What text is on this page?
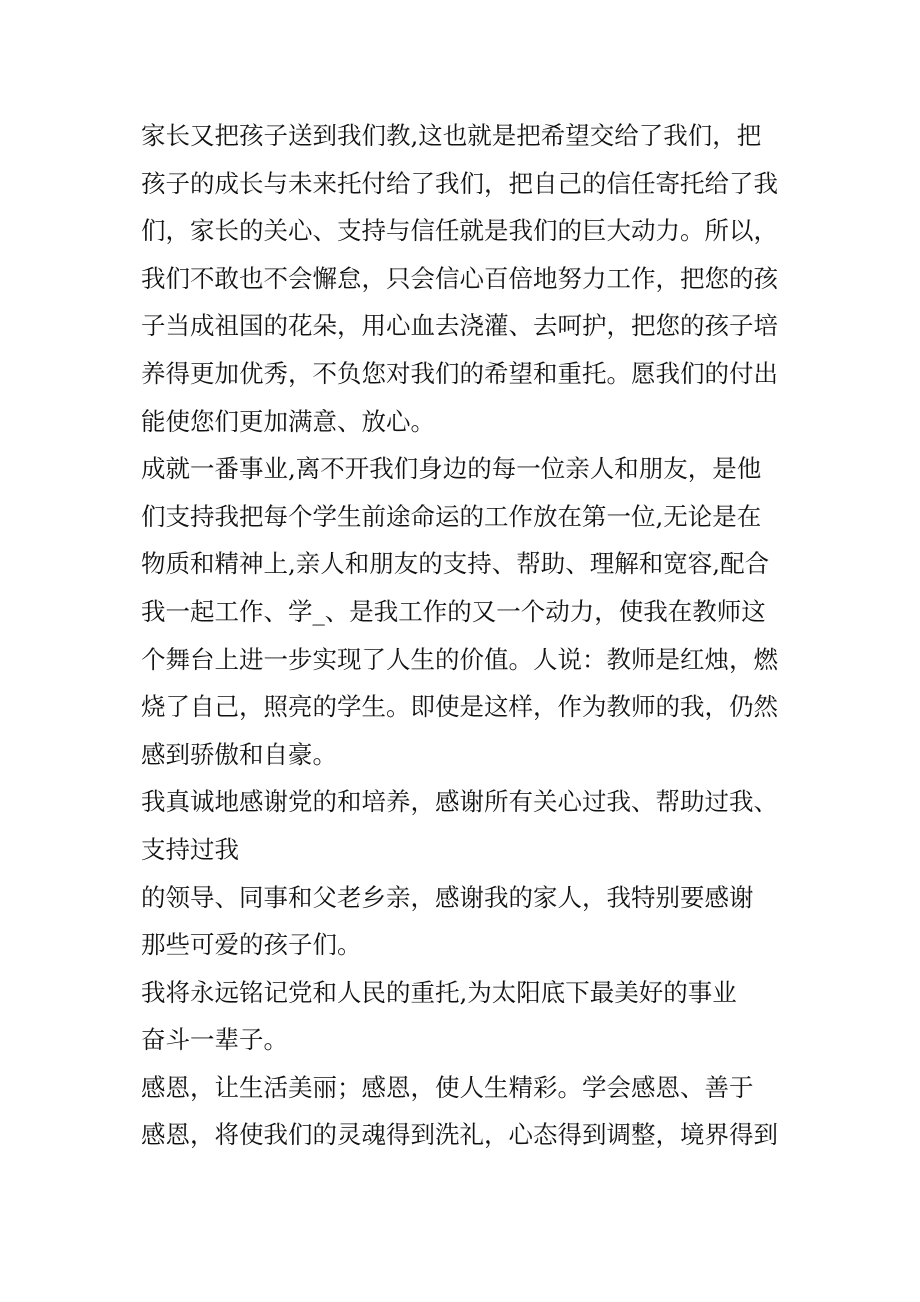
家长又把孩子送到我们教,这也就是把希望交给了我们，把
孩子的成长与未来托付给了我们，把自己的信任寄托给了我
们，家长的关心、支持与信任就是我们的巨大动力。所以，
我们不敢也不会懈怠，只会信心百倍地努力工作，把您的孩
子当成祖国的花朵，用心血去浇灌、去呵护，把您的孩子培
养得更加优秀，不负您对我们的希望和重托。愿我们的付出
能使您们更加满意、放心。
成就一番事业,离不开我们身边的每一位亲人和朋友，是他
们支持我把每个学生前途命运的工作放在第一位,无论是在
物质和精神上,亲人和朋友的支持、帮助、理解和宽容,配合
我一起工作、学_、是我工作的又一个动力，使我在教师这
个舞台上进一步实现了人生的价值。人说：教师是红烛，燃
烧了自己，照亮的学生。即使是这样，作为教师的我，仍然
感到骄傲和自豪。
我真诚地感谢党的和培养，感谢所有关心过我、帮助过我、
支持过我
的领导、同事和父老乡亲，感谢我的家人，我特别要感谢
那些可爱的孩子们。
我将永远铭记党和人民的重托,为太阳底下最美好的事业
奋斗一辈子。
感恩，让生活美丽；感恩，使人生精彩。学会感恩、善于
感恩，将使我们的灵魂得到洗礼，心态得到调整，境界得到
